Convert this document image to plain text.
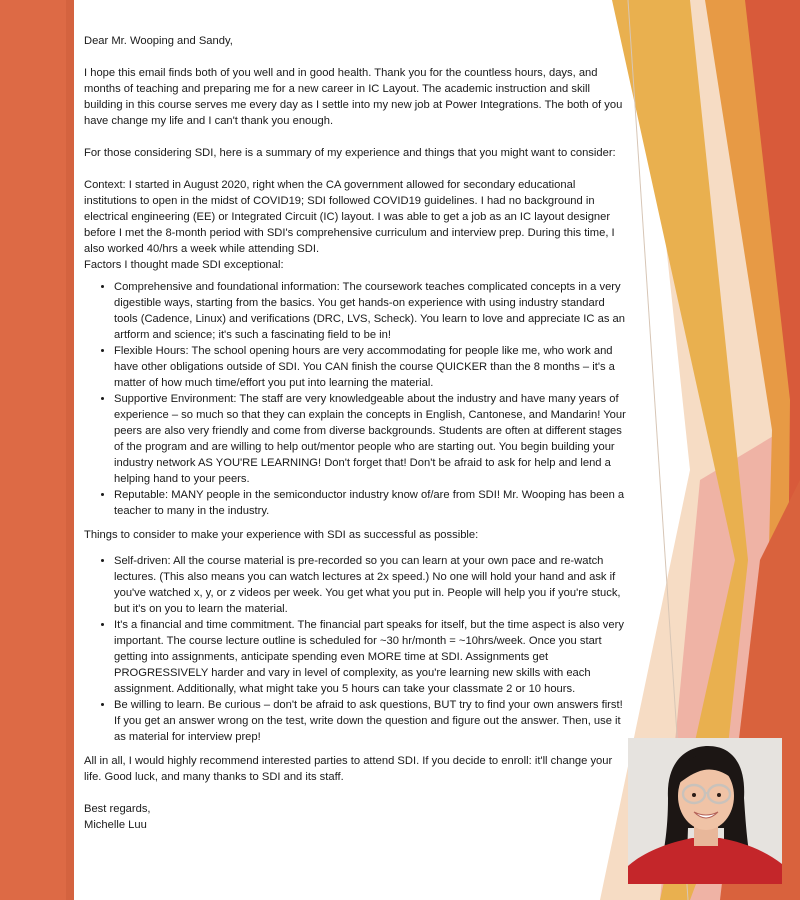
Dear Mr. Wooping and Sandy,

I hope this email finds both of you well and in good health. Thank you for the countless hours, days, and months of teaching and preparing me for a new career in IC Layout. The academic instruction and skill building in this course serves me every day as I settle into my new job at Power Integrations. The both of you have change my life and I can't thank you enough.

For those considering SDI, here is a summary of my experience and things that you might want to consider:

Context: I started in August 2020, right when the CA government allowed for secondary educational institutions to open in the midst of COVID19; SDI followed COVID19 guidelines. I had no background in electrical engineering (EE) or Integrated Circuit (IC) layout. I was able to get a job as an IC layout designer before I met the 8-month period with SDI's comprehensive curriculum and interview prep. During this time, I also worked 40/hrs a week while attending SDI.

Factors I thought made SDI exceptional:

• Comprehensive and foundational information: The coursework teaches complicated concepts in a very digestible ways, starting from the basics. You get hands-on experience with using industry standard tools (Cadence, Linux) and verifications (DRC, LVS, Scheck). You learn to love and appreciate IC as an artform and science; it's such a fascinating field to be in!
• Flexible Hours: The school opening hours are very accommodating for people like me, who work and have other obligations outside of SDI. You CAN finish the course QUICKER than the 8 months – it's a matter of how much time/effort you put into learning the material.
• Supportive Environment: The staff are very knowledgeable about the industry and have many years of experience – so much so that they can explain the concepts in English, Cantonese, and Mandarin! Your peers are also very friendly and come from diverse backgrounds. Students are often at different stages of the program and are willing to help out/mentor people who are starting out. You begin building your industry network AS YOU'RE LEARNING! Don't forget that! Don't be afraid to ask for help and lend a helping hand to your peers.
• Reputable: MANY people in the semiconductor industry know of/are from SDI! Mr. Wooping has been a teacher to many in the industry.

Things to consider to make your experience with SDI as successful as possible:

• Self-driven: All the course material is pre-recorded so you can learn at your own pace and re-watch lectures. (This also means you can watch lectures at 2x speed.) No one will hold your hand and ask if you've watched x, y, or z videos per week. You get what you put in. People will help you if you're stuck, but it's on you to learn the material.
• It's a financial and time commitment. The financial part speaks for itself, but the time aspect is also very important. The course lecture outline is scheduled for ~30 hr/month = ~10hrs/week. Once you start getting into assignments, anticipate spending even MORE time at SDI. Assignments get PROGRESSIVELY harder and vary in level of complexity, as you're learning new skills with each assignment. Additionally, what might take you 5 hours can take your classmate 2 or 10 hours.
• Be willing to learn. Be curious – don't be afraid to ask questions, BUT try to find your own answers first! If you get an answer wrong on the test, write down the question and figure out the answer. Then, use it as material for interview prep!

All in all, I would highly recommend interested parties to attend SDI. If you decide to enroll: it'll change your life. Good luck, and many thanks to SDI and its staff.

Best regards,

Michelle Luu
